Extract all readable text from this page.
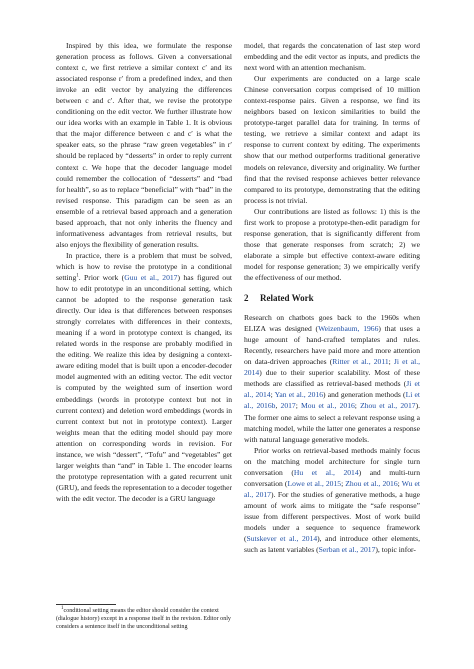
Inspired by this idea, we formulate the response generation process as follows. Given a conversational context c, we first retrieve a similar context c′ and its associated response r′ from a predefined index, and then invoke an edit vector by analyzing the differences between c and c′. After that, we revise the prototype conditioning on the edit vector. We further illustrate how our idea works with an example in Table 1. It is obvious that the major difference between c and c′ is what the speaker eats, so the phrase “raw green vegetables” in r′ should be replaced by “desserts” in order to reply current context c. We hope that the decoder language model could remember the collocation of “desserts” and “bad for health”, so as to replace “beneficial” with “bad” in the revised response. This paradigm can be seen as an ensemble of a retrieval based approach and a generation based approach, that not only inherits the fluency and informativeness advantages from retrieval results, but also enjoys the flexibility of generation results.

In practice, there is a problem that must be solved, which is how to revise the prototype in a conditional setting$^1$. Prior work (Guu et al., 2017) has figured out how to edit prototype in an unconditional setting, which cannot be adopted to the response generation task directly. Our idea is that differences between responses strongly correlates with differences in their contexts, meaning if a word in prototype context is changed, its related words in the response are probably modified in the editing. We realize this idea by designing a context-aware editing model that is built upon a encoder-decoder model augmented with an editing vector. The edit vector is computed by the weighted sum of insertion word embeddings (words in prototype context but not in current context) and deletion word embeddings (words in current context but not in prototype context). Larger weights mean that the editing model should pay more attention on corresponding words in revision. For instance, we wish “dessert”, “Tofu” and “vegetables” get larger weights than “and” in Table 1. The encoder learns the prototype representation with a gated recurrent unit (GRU), and feeds the representation to a decoder together with the edit vector. The decoder is a GRU language

$^1$conditional setting means the editor should consider the context (dialogue history) except in a response itself in the revision. Editor only considers a sentence itself in the unconditional setting

model, that regards the concatenation of last step word embedding and the edit vector as inputs, and predicts the next word with an attention mechanism.

Our experiments are conducted on a large scale Chinese conversation corpus comprised of 10 million context-response pairs. Given a response, we find its neighbors based on lexicon similarities to build the prototype-target parallel data for training. In terms of testing, we retrieve a similar context and adapt its response to current context by editing. The experiments show that our method outperforms traditional generative models on relevance, diversity and originality. We further find that the revised response achieves better relevance compared to its prototype, demonstrating that the editing process is not trivial.

Our contributions are listed as follows: 1) this is the first work to propose a prototype-then-edit paradigm for response generation, that is significantly different from those that generate responses from scratch; 2) we elaborate a simple but effective context-aware editing model for response generation; 3) we empirically verify the effectiveness of our method.

2 Related Work

Research on chatbots goes back to the 1960s when ELIZA was designed (Weizenbaum, 1966) that uses a huge amount of hand-crafted templates and rules. Recently, researchers have paid more and more attention on data-driven approaches (Ritter et al., 2011; Ji et al., 2014) due to their superior scalability. Most of these methods are classified as retrieval-based methods (Ji et al., 2014; Yan et al., 2016) and generation methods (Li et al., 2016b, 2017; Mou et al., 2016; Zhou et al., 2017). The former one aims to select a relevant response using a matching model, while the latter one generates a response with natural language generative models.

Prior works on retrieval-based methods mainly focus on the matching model architecture for single turn conversation (Hu et al., 2014) and multi-turn conversation (Lowe et al., 2015; Zhou et al., 2016; Wu et al., 2017). For the studies of generative methods, a huge amount of work aims to mitigate the “safe response” issue from different perspectives. Most of work build models under a sequence to sequence framework (Sutskever et al., 2014), and introduce other elements, such as latent variables (Serban et al., 2017), topic infor-
